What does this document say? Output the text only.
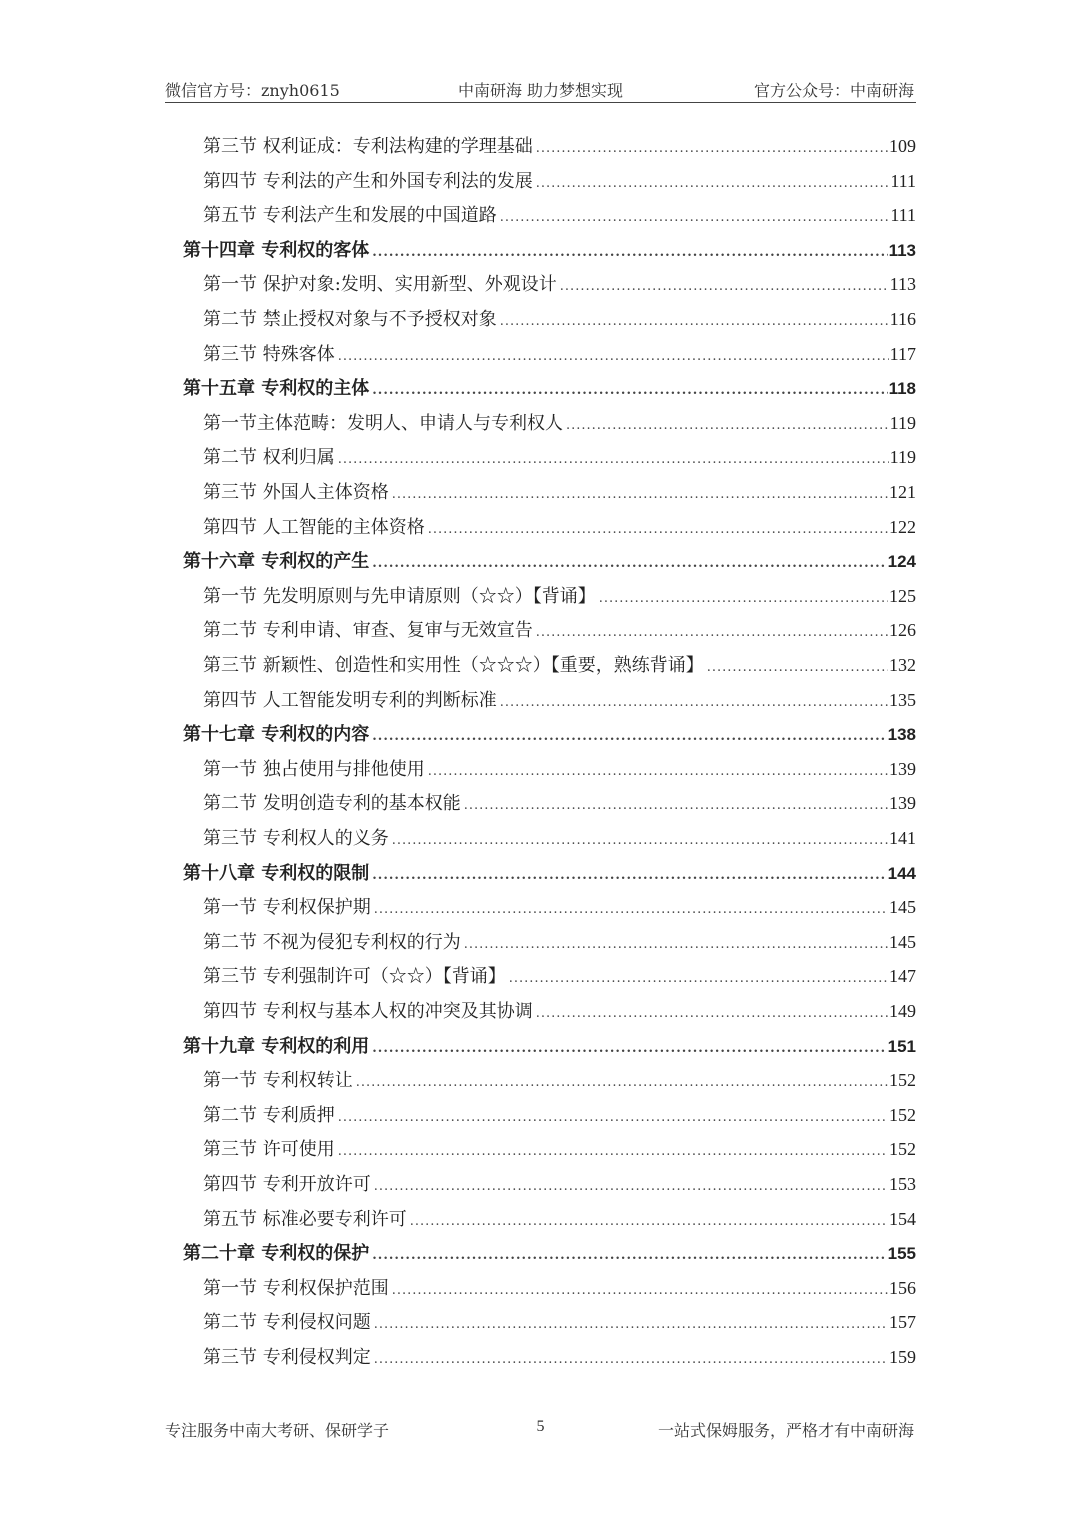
微信官方号：znyh0615	中南研海 助力梦想实现	官方公众号：中南研海
第三节 权利证成：专利法构建的学理基础 .....	109
第四节 专利法的产生和外国专利法的发展 .....	111
第五节 专利法产生和发展的中国道路 .....	111
第十四章 专利权的客体 .....	113
第一节 保护对象:发明、实用新型、外观设计 .....	113
第二节 禁止授权对象与不予授权对象 .....	116
第三节 特殊客体 .....	117
第十五章 专利权的主体 .....	118
第一节主体范畴：发明人、申请人与专利权人 .....	119
第二节 权利归属 .....	119
第三节 外国人主体资格 .....	121
第四节 人工智能的主体资格 .....	122
第十六章 专利权的产生 .....	124
第一节 先发明原则与先申请原则（☆☆）【背诵】 .....	125
第二节 专利申请、审查、复审与无效宣告 .....	126
第三节 新颖性、创造性和实用性（☆☆☆）【重要，熟练背诵】 .....	132
第四节 人工智能发明专利的判断标准 .....	135
第十七章 专利权的内容 .....	138
第一节 独占使用与排他使用 .....	139
第二节 发明创造专利的基本权能 .....	139
第三节 专利权人的义务 .....	141
第十八章 专利权的限制 .....	144
第一节 专利权保护期 .....	145
第二节 不视为侵犯专利权的行为 .....	145
第三节 专利强制许可（☆☆）【背诵】 .....	147
第四节 专利权与基本人权的冲突及其协调 .....	149
第十九章 专利权的利用 .....	151
第一节 专利权转让 .....	152
第二节 专利质押 .....	152
第三节 许可使用 .....	152
第四节 专利开放许可 .....	153
第五节 标准必要专利许可 .....	154
第二十章 专利权的保护 .....	155
第一节 专利权保护范围 .....	156
第二节 专利侵权问题 .....	157
第三节 专利侵权判定 .....	159
专注服务中南大考研、保研学子	5	一站式保姆服务，严格才有中南研海
